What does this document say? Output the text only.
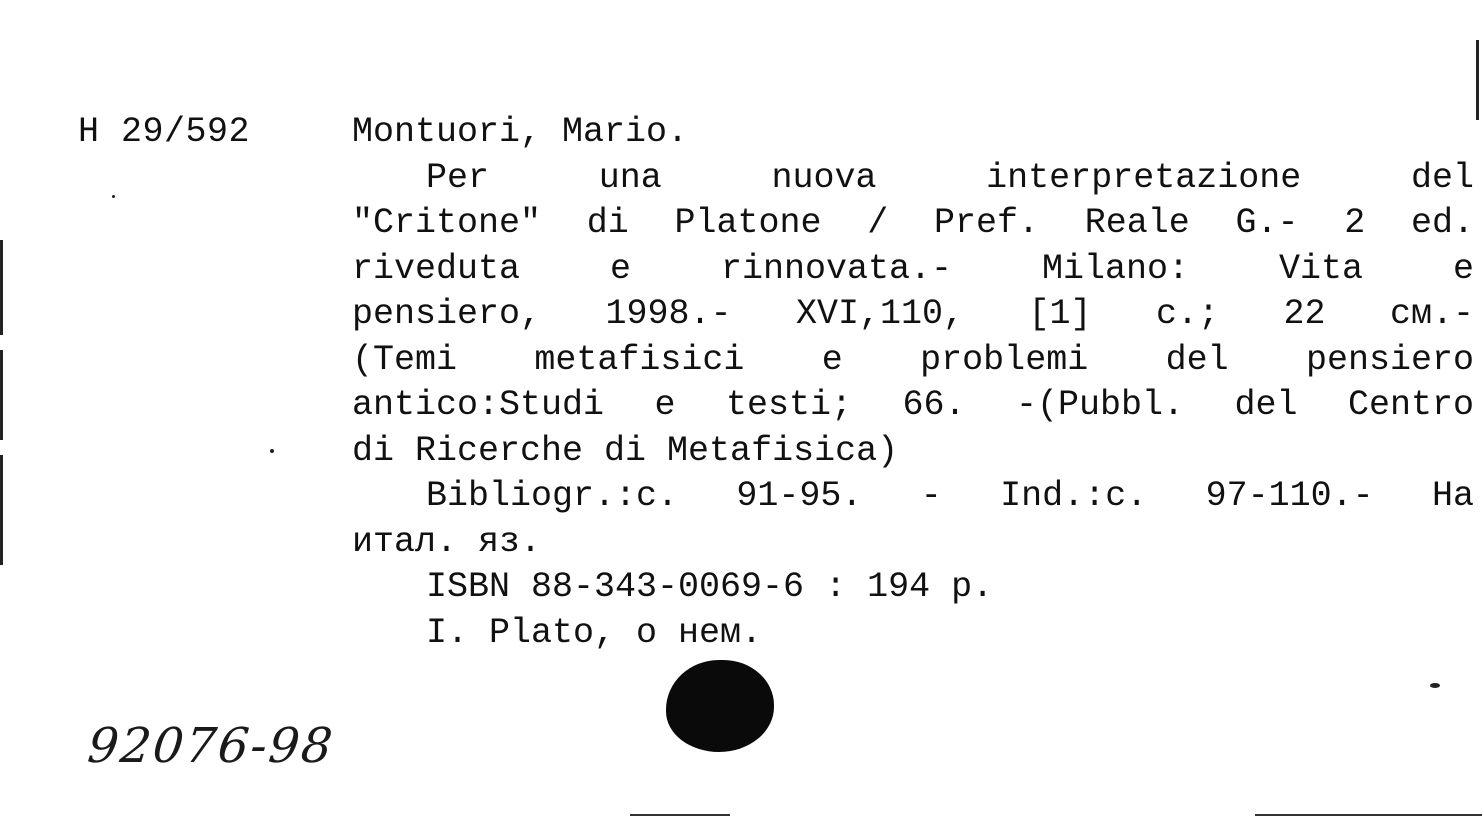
H 29/592	Montuori, Mario.
Per	una	nuova	interpretazione	del
"Critone" di Platone / Pref. Reale G.- 2 ed.
riveduta	e	rinnovata.-	Milano:	Vita	e
pensiero, 1998.- XVI,110, [1] c.; 22 см.-
(Temi metafisici e problemi del pensiero
antico:Studi e testi; 66. -(Pubbl. del Centro
di Ricerche di Metafisica)
Bibliogr.:c. 91-95. - Ind.:c. 97-110.- На
итал. яз.
ISBN 88-343-0069-6 : 194 р.
I. Plato, о нем.
92076-98
